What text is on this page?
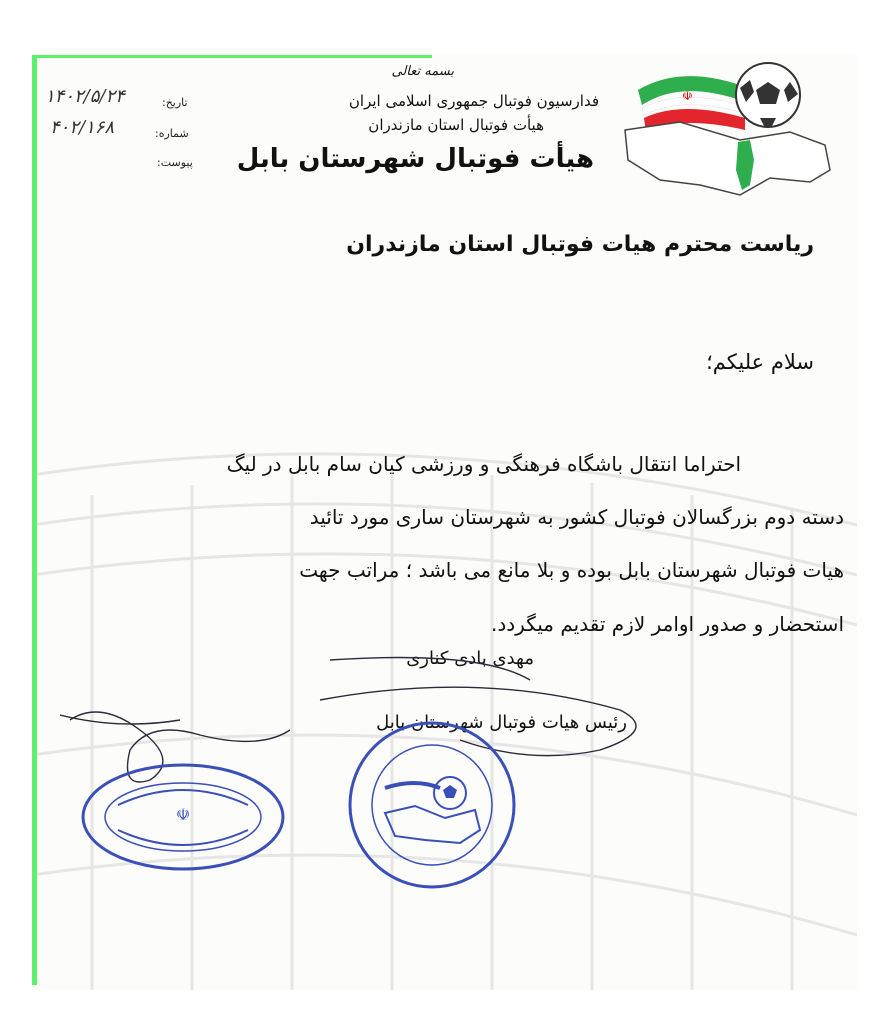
☫
بسمه تعالی
فدارسیون فوتبال جمهوری اسلامی ایران
هیأت فوتبال استان مازندران
هیأت فوتبال شهرستان بابل
تاریخ:
۱۴۰۲/۵/۲۴
شماره:
۴۰۲/۱۶۸
پیوست:
ریاست محترم هیات فوتبال استان مازندران
سلام علیکم؛
احتراما انتقال باشگاه فرهنگی و ورزشی کیان سام بابل در لیگ
دسته دوم بزرگسالان فوتبال کشور به شهرستان ساری مورد تائید
هیات فوتبال شهرستان بابل بوده و بلا مانع می باشد ؛ مراتب جهت
استحضار و صدور اوامر لازم تقدیم میگردد.
مهدی بادی کناری
رئیس هیات فوتبال شهرستان بابل
☫
